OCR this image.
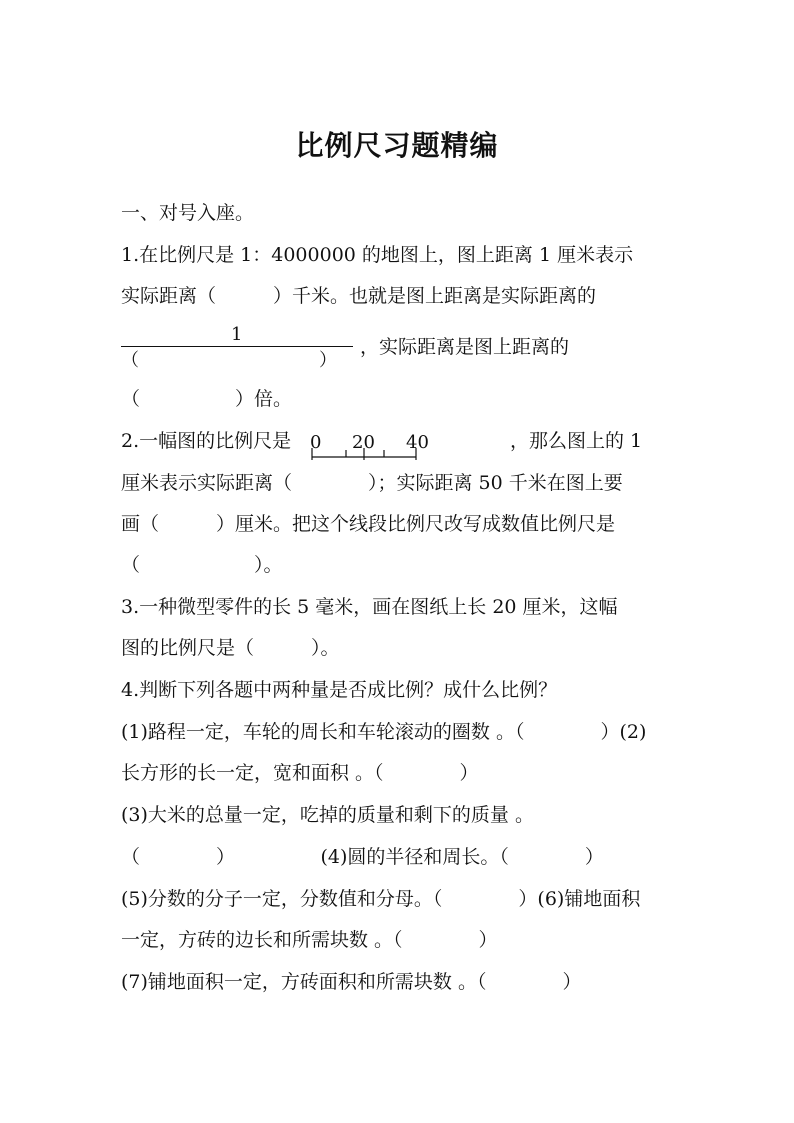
比例尺习题精编
一、对号入座。
1.在比例尺是 1：4000000 的地图上，图上距离 1 厘米表示
实际距离（　　　）千米。也就是图上距离是实际距离的
1
（　　　　　　　　　　）
，实际距离是图上距离的
（　　　　　）倍。
2.一幅图的比例尺是 0 20 40	，那么图上的 1
厘米表示实际距离（　　　　）；实际距离 50 千米在图上要
画（　　　）厘米。把这个线段比例尺改写成数值比例尺是
（　　　　　　）。
3.一种微型零件的长 5 毫米，画在图纸上长 20 厘米，这幅
图的比例尺是（　　　）。
4.判断下列各题中两种量是否成比例？成什么比例？
(1)路程一定，车轮的周长和车轮滚动的圈数 。（　　　　）(2)
长方形的长一定，宽和面积 。（　　　　）
(3)大米的总量一定，吃掉的质量和剩下的质量 。
（　　　　）　　　　　(4)圆的半径和周长。（　　　　）
(5)分数的分子一定，分数值和分母。（　　　　）(6)铺地面积
一定，方砖的边长和所需块数 。（　　　　）
(7)铺地面积一定，方砖面积和所需块数 。（　　　　）
